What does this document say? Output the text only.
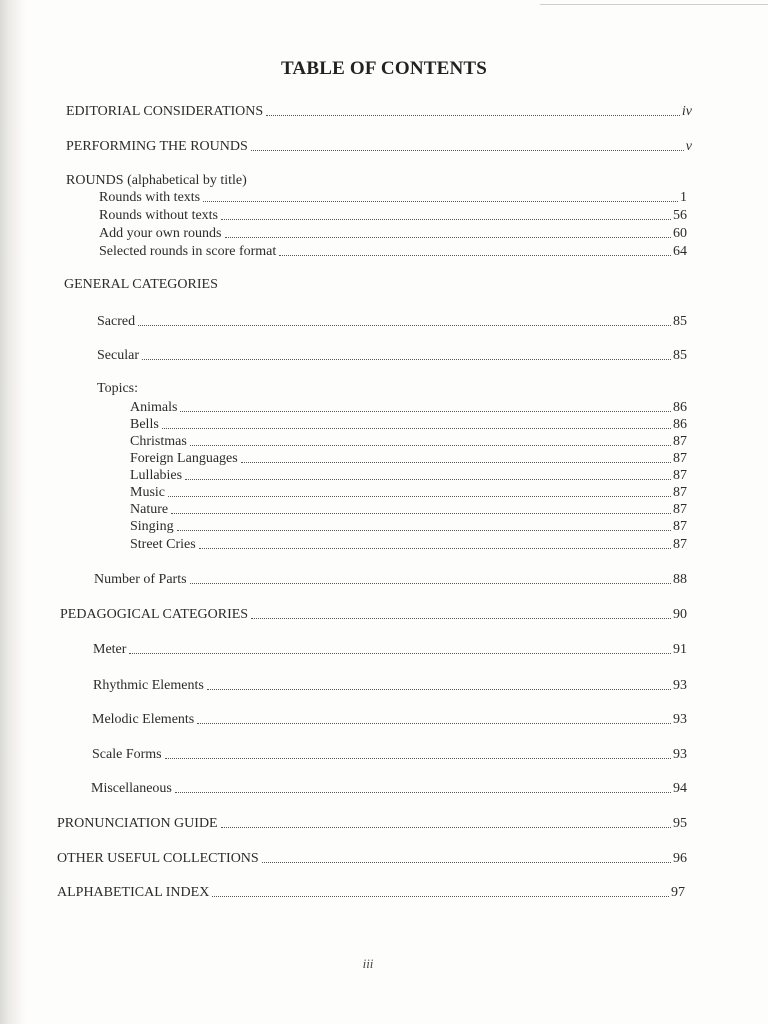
TABLE OF CONTENTS
EDITORIAL CONSIDERATIONS	iv
PERFORMING THE ROUNDS	v
ROUNDS (alphabetical by title)
Rounds with texts	1
Rounds without texts	56
Add your own rounds	60
Selected rounds in score format	64
GENERAL CATEGORIES
Sacred	85
Secular	85
Topics:
Animals	86
Bells	86
Christmas	87
Foreign Languages	87
Lullabies	87
Music	87
Nature	87
Singing	87
Street Cries	87
Number of Parts	88
PEDAGOGICAL CATEGORIES	90
Meter	91
Rhythmic Elements	93
Melodic Elements	93
Scale Forms	93
Miscellaneous	94
PRONUNCIATION GUIDE	95
OTHER USEFUL COLLECTIONS	96
ALPHABETICAL INDEX	97
iii
